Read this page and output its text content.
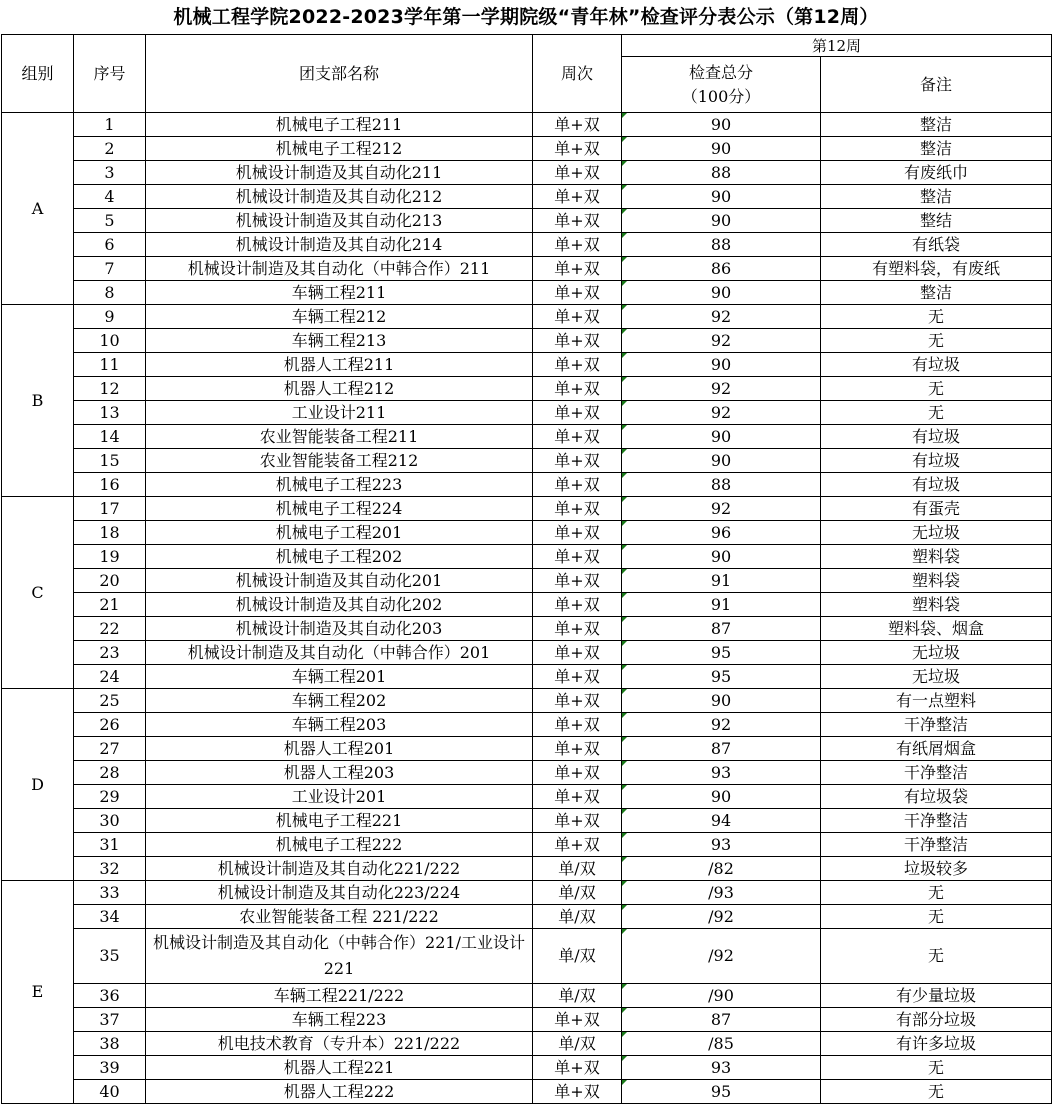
机械工程学院2022-2023学年第一学期院级“青年林”检查评分表公示（第12周）
组别	序号	团支部名称	周次	第12周	

				检查总分
（100分）	备注
A	1	机械电子工程211	单+双	90	整洁
	2	机械电子工程212	单+双	90	整洁
	3	机械设计制造及其自动化211	单+双	88	有废纸巾
	4	机械设计制造及其自动化212	单+双	90	整洁
	5	机械设计制造及其自动化213	单+双	90	整结
	6	机械设计制造及其自动化214	单+双	88	有纸袋
	7	机械设计制造及其自动化（中韩合作）211	单+双	86	有塑料袋，有废纸
	8	车辆工程211	单+双	90	整洁
B	9	车辆工程212	单+双	92	无
	10	车辆工程213	单+双	92	无
	11	机器人工程211	单+双	90	有垃圾
	12	机器人工程212	单+双	92	无
	13	工业设计211	单+双	92	无
	14	农业智能装备工程211	单+双	90	有垃圾
	15	农业智能装备工程212	单+双	90	有垃圾
	16	机械电子工程223	单+双	88	有垃圾
C	17	机械电子工程224	单+双	92	有蛋壳
	18	机械电子工程201	单+双	96	无垃圾
	19	机械电子工程202	单+双	90	塑料袋
	20	机械设计制造及其自动化201	单+双	91	塑料袋
	21	机械设计制造及其自动化202	单+双	91	塑料袋
	22	机械设计制造及其自动化203	单+双	87	塑料袋、烟盒
	23	机械设计制造及其自动化（中韩合作）201	单+双	95	无垃圾
	24	车辆工程201	单+双	95	无垃圾
D	25	车辆工程202	单+双	90	有一点塑料
	26	车辆工程203	单+双	92	干净整洁
	27	机器人工程201	单+双	87	有纸屑烟盒
	28	机器人工程203	单+双	93	干净整洁
	29	工业设计201	单+双	90	有垃圾袋
	30	机械电子工程221	单+双	94	干净整洁
	31	机械电子工程222	单+双	93	干净整洁
	32	机械设计制造及其自动化221/222	单/双	/82	垃圾较多
E	33	机械设计制造及其自动化223/224	单/双	/93	无
	34	农业智能装备工程 221/222	单/双	/92	无
	35	机械设计制造及其自动化（中韩合作）221/工业设计221	单/双	/92	无
	36	车辆工程221/222	单/双	/90	有少量垃圾
	37	车辆工程223	单+双	87	有部分垃圾
	38	机电技术教育（专升本）221/222	单/双	/85	有许多垃圾
	39	机器人工程221	单+双	93	无
	40	机器人工程222	单+双	95	无
